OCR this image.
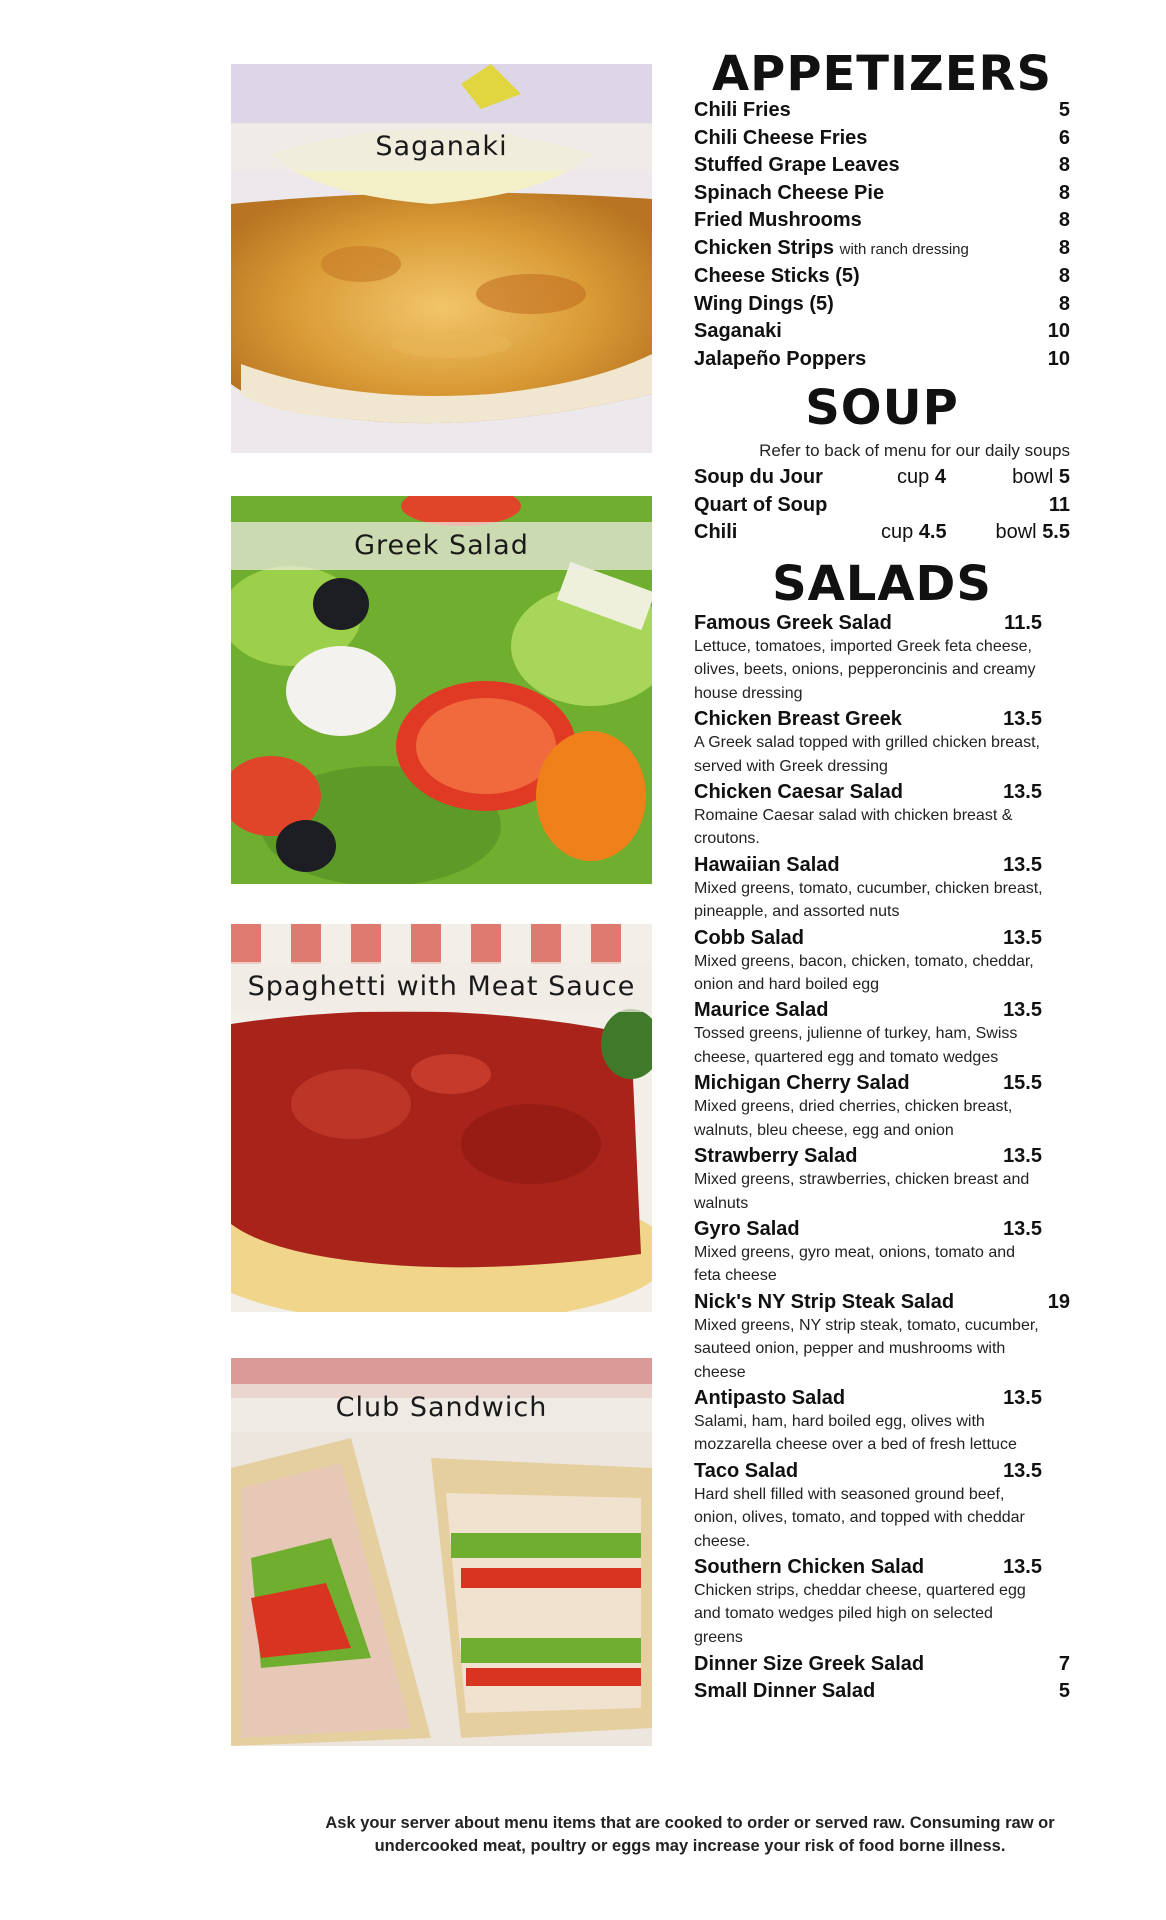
Saganaki
Greek Salad
Spaghetti with Meat Sauce
Club Sandwich
APPETIZERS
Chili Fries	5
Chili Cheese Fries	6
Stuffed Grape Leaves	8
Spinach Cheese Pie	8
Fried Mushrooms	8
Chicken Strips with ranch dressing	8
Cheese Sticks (5)	8
Wing Dings (5)	8
Saganaki	10
Jalapeño Poppers	10
SOUP
Refer to back of menu for our daily soups
Soup du Jour	cup 4	bowl 5
Quart of Soup	11
Chili	cup 4.5 bowl 5.5
SALADS
Famous Greek Salad	11.5
Lettuce, tomatoes, imported Greek feta cheese, olives, beets, onions, pepperoncinis and creamy house dressing
Chicken Breast Greek	13.5
A Greek salad topped with grilled chicken breast, served with Greek dressing
Chicken Caesar Salad	13.5
Romaine Caesar salad with chicken breast & croutons.
Hawaiian Salad	13.5
Mixed greens, tomato, cucumber, chicken breast, pineapple, and assorted nuts
Cobb Salad	13.5
Mixed greens, bacon, chicken, tomato, cheddar, onion and hard boiled egg
Maurice Salad	13.5
Tossed greens, julienne of turkey, ham, Swiss cheese, quartered egg and tomato wedges
Michigan Cherry Salad	15.5
Mixed greens, dried cherries, chicken breast, walnuts, bleu cheese, egg and onion
Strawberry Salad	13.5
Mixed greens, strawberries, chicken breast and walnuts
Gyro Salad	13.5
Mixed greens, gyro meat, onions, tomato and feta cheese
Nick's NY Strip Steak Salad	19
Mixed greens, NY strip steak, tomato, cucumber, sauteed onion, pepper and mushrooms with cheese
Antipasto Salad	13.5
Salami, ham, hard boiled egg, olives with mozzarella cheese over a bed of fresh lettuce
Taco Salad	13.5
Hard shell filled with seasoned ground beef, onion, olives, tomato, and topped with cheddar cheese.
Southern Chicken Salad	13.5
Chicken strips, cheddar cheese, quartered egg and tomato wedges piled high on selected greens
Dinner Size Greek Salad	7
Small Dinner Salad	5
Ask your server about menu items that are cooked to order or served raw. Consuming raw or
undercooked meat, poultry or eggs may increase your risk of food borne illness.
